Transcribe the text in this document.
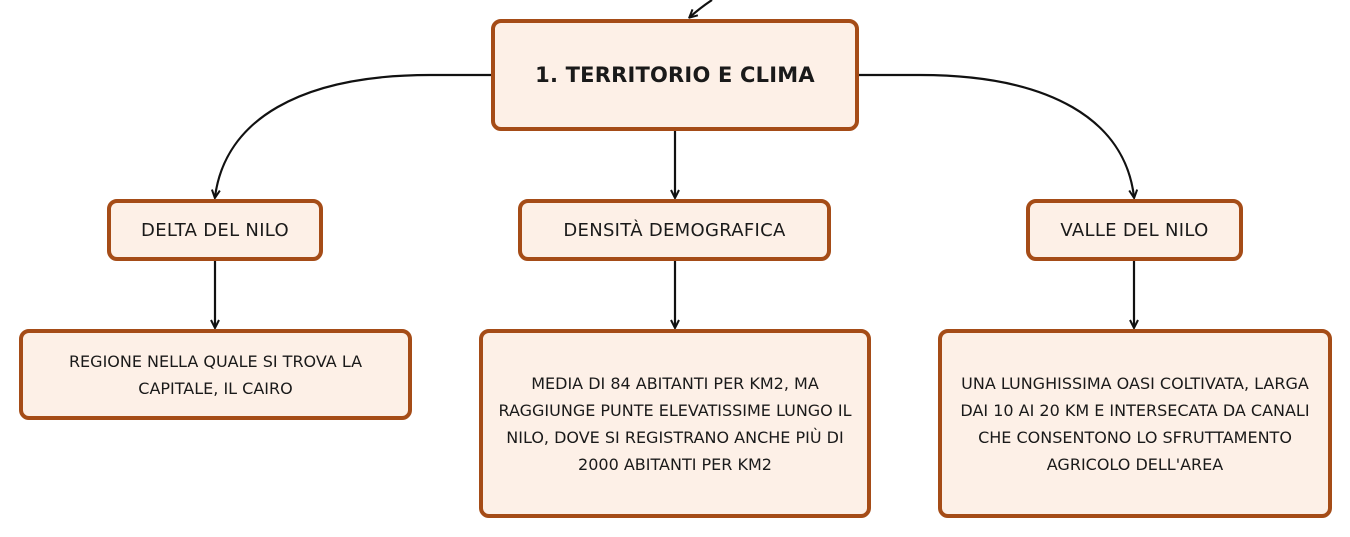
1. TERRITORIO E CLIMA
DELTA DEL NILO	DENSITÀ DEMOGRAFICA	VALLE DEL NILO
REGIONE NELLA QUALE SI TROVA LA CAPITALE, IL CAIRO	MEDIA DI 84 ABITANTI PER KM2, MA RAGGIUNGE PUNTE ELEVATISSIME LUNGO IL NILO, DOVE SI REGISTRANO ANCHE PIÙ DI 2000 ABITANTI PER KM2
UNA LUNGHISSIMA OASI COLTIVATA, LARGA DAI 10 AI 20 KM E INTERSECATA DA CANALI CHE CONSENTONO LO SFRUTTAMENTO AGRICOLO DELL'AREA
